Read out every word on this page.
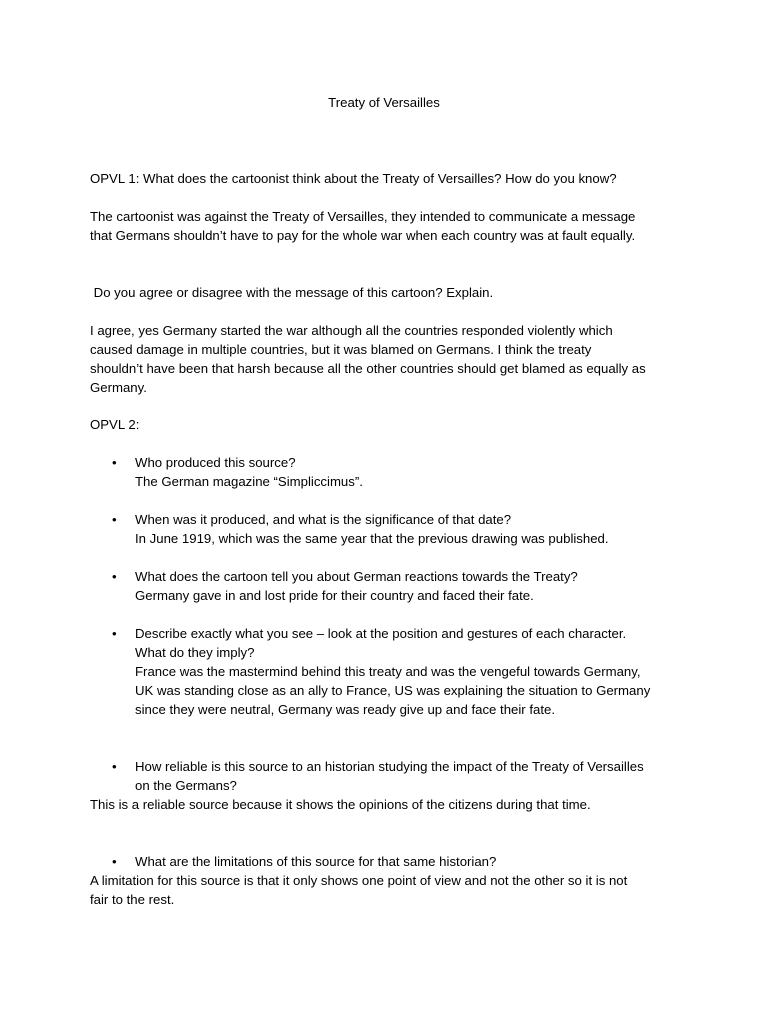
Treaty of Versailles
OPVL 1: What does the cartoonist think about the Treaty of Versailles? How do you know?
The cartoonist was against the Treaty of Versailles, they intended to communicate a message
that Germans shouldn’t have to pay for the whole war when each country was at fault equally.
Do you agree or disagree with the message of this cartoon? Explain.
I agree, yes Germany started the war although all the countries responded violently which
caused damage in multiple countries, but it was blamed on Germans. I think the treaty
shouldn’t have been that harsh because all the other countries should get blamed as equally as
Germany.
OPVL 2:
•	Who produced this source?
The German magazine “Simpliccimus”.
•	When was it produced, and what is the significance of that date?
In June 1919, which was the same year that the previous drawing was published.
•	What does the cartoon tell you about German reactions towards the Treaty?
Germany gave in and lost pride for their country and faced their fate.
•	Describe exactly what you see – look at the position and gestures of each character.
What do they imply?
France was the mastermind behind this treaty and was the vengeful towards Germany,
UK was standing close as an ally to France, US was explaining the situation to Germany
since they were neutral, Germany was ready give up and face their fate.
•	How reliable is this source to an historian studying the impact of the Treaty of Versailles
on the Germans?
This is a reliable source because it shows the opinions of the citizens during that time.
•	What are the limitations of this source for that same historian?
A limitation for this source is that it only shows one point of view and not the other so it is not
fair to the rest.
